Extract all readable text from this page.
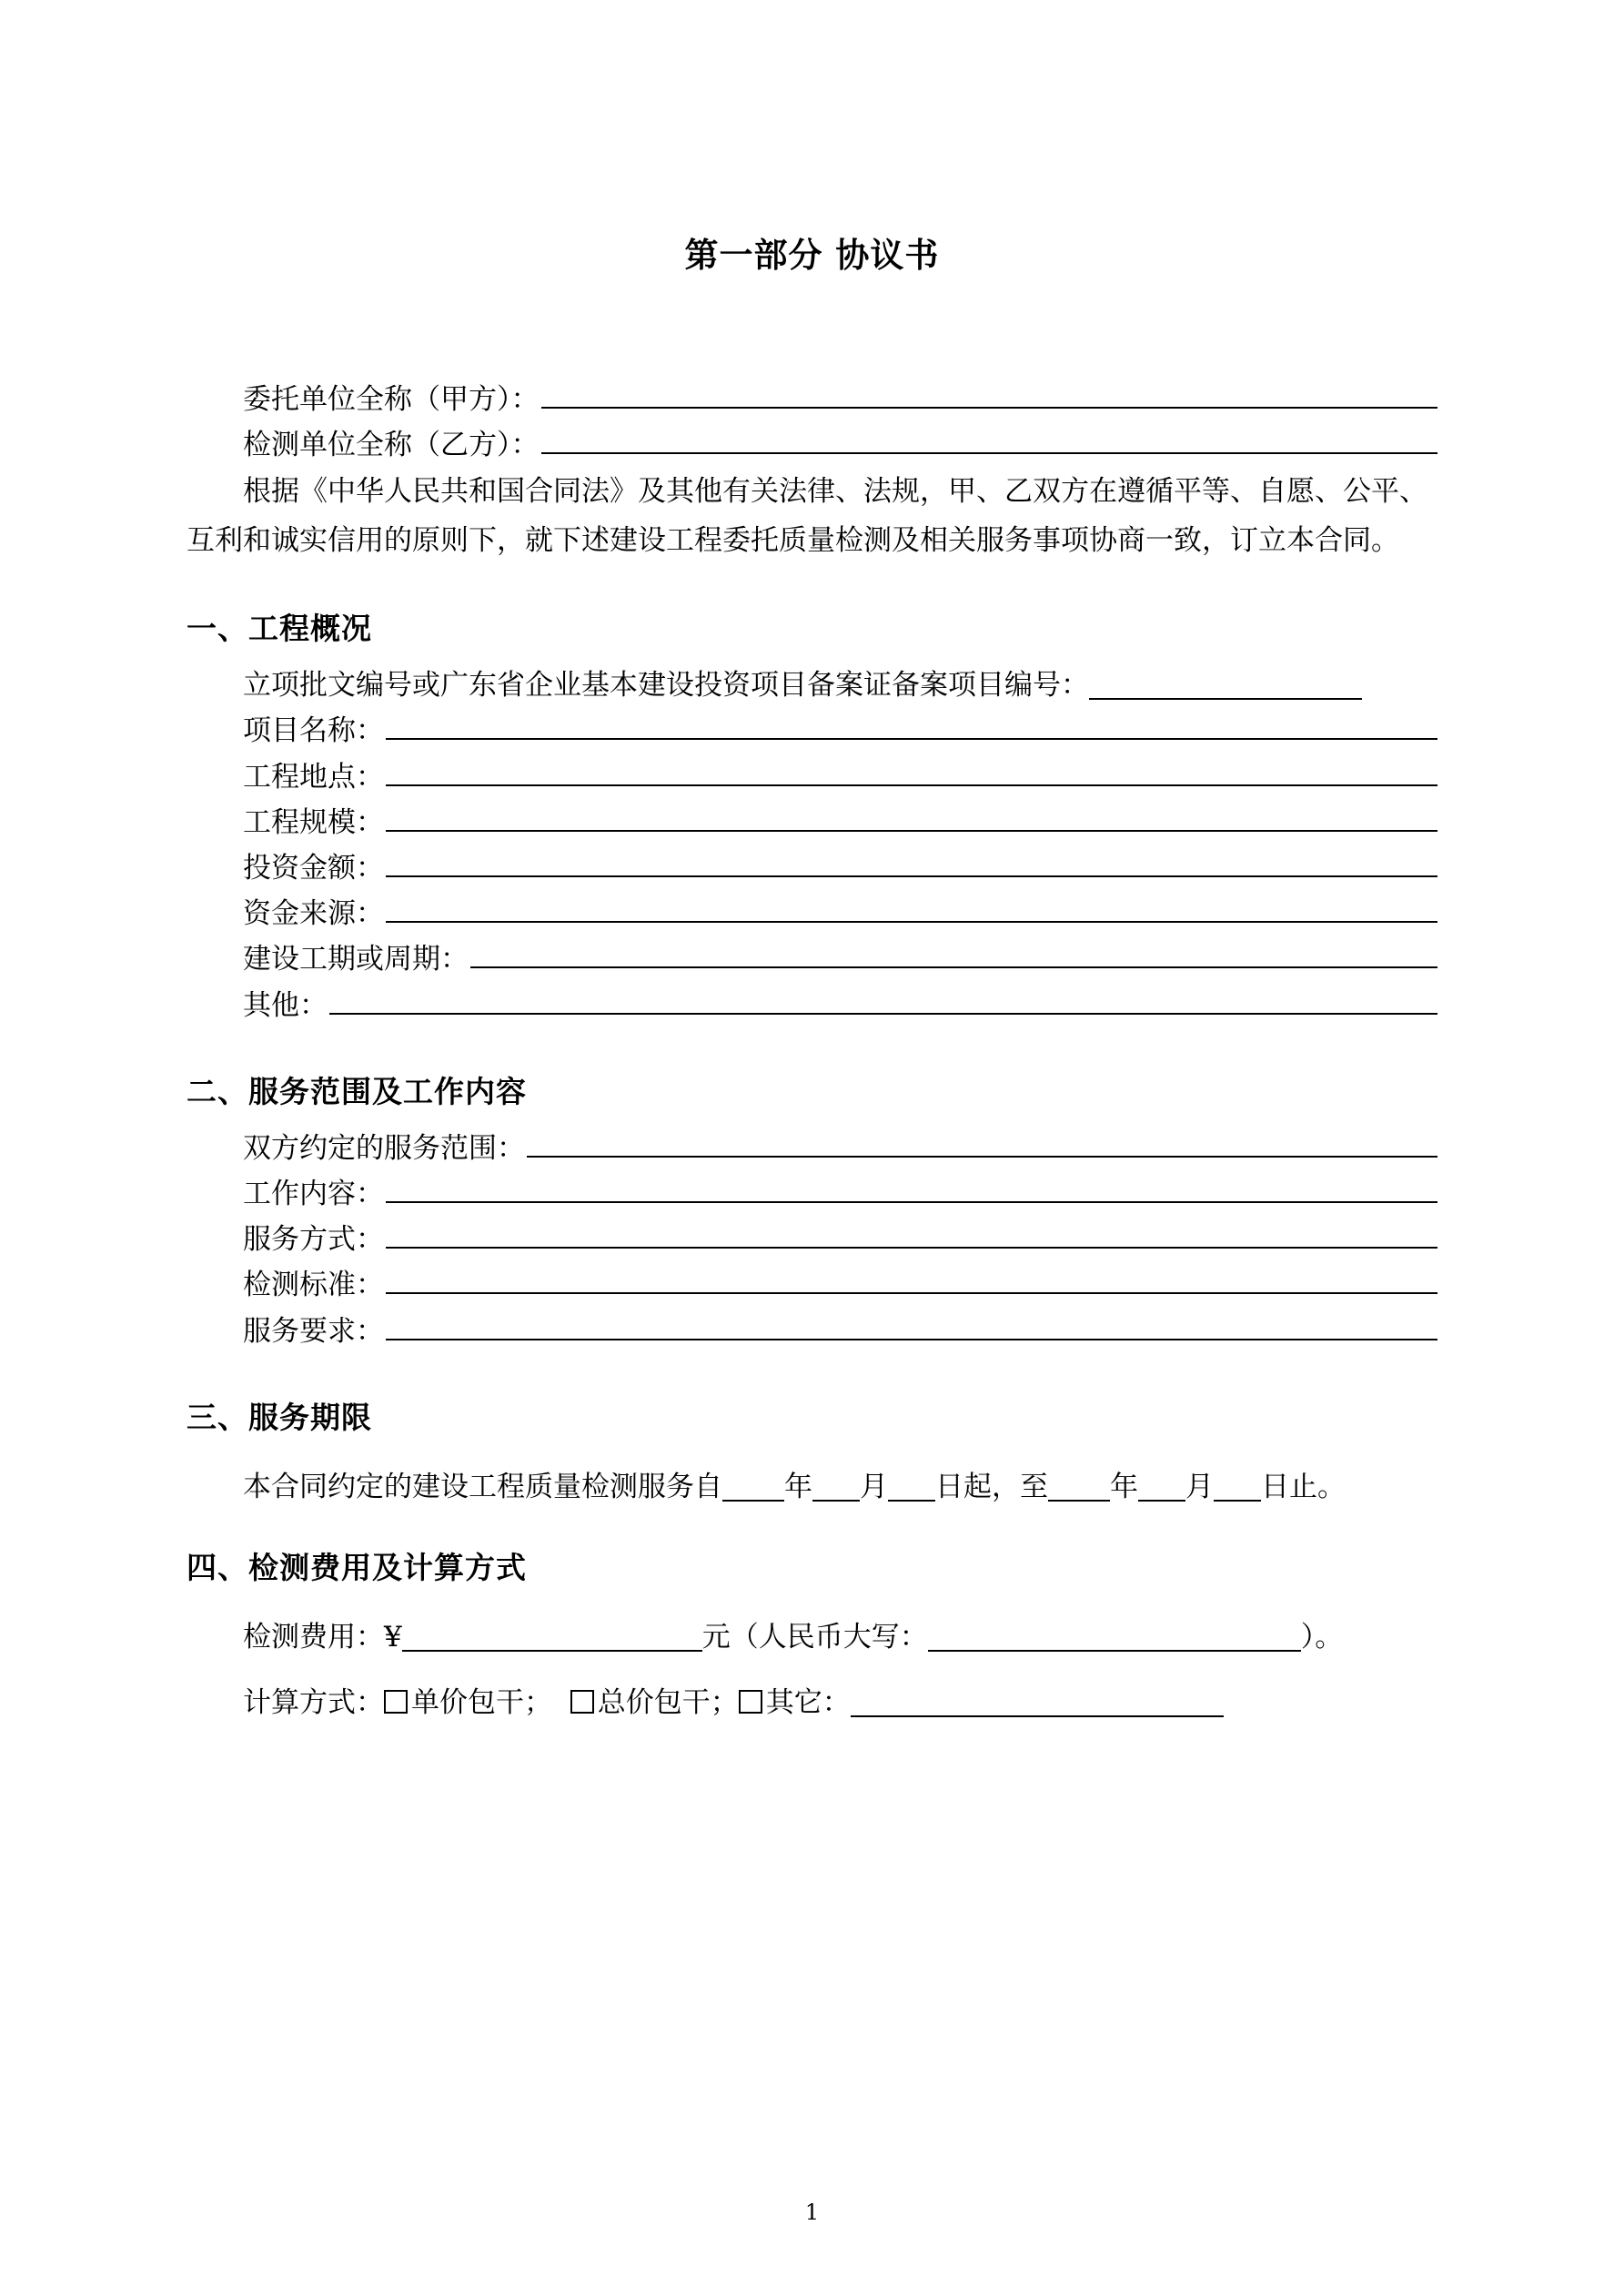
第一部分 协议书
委托单位全称（甲方）：
检测单位全称（乙方）：

根据《中华人民共和国合同法》及其他有关法律、法规，甲、乙双方在遵循平等、自愿、公平、互利和诚实信用的原则下，就下述建设工程委托质量检测及相关服务事项协商一致，订立本合同。

一、工程概况
立项批文编号或广东省企业基本建设投资项目备案证备案项目编号：
项目名称：
工程地点：
工程规模：
投资金额：
资金来源：
建设工期或周期：
其他：
二、服务范围及工作内容
双方约定的服务范围：
工作内容：
服务方式：
检测标准：
服务要求：
三、服务期限
本合同约定的建设工程质量检测服务自 年 月 日起，至 年 月 日止。
四、检测费用及计算方式
检测费用：¥	元（人民币大写：	）。
计算方式： 单价包干； 总价包干； 其它：
1
